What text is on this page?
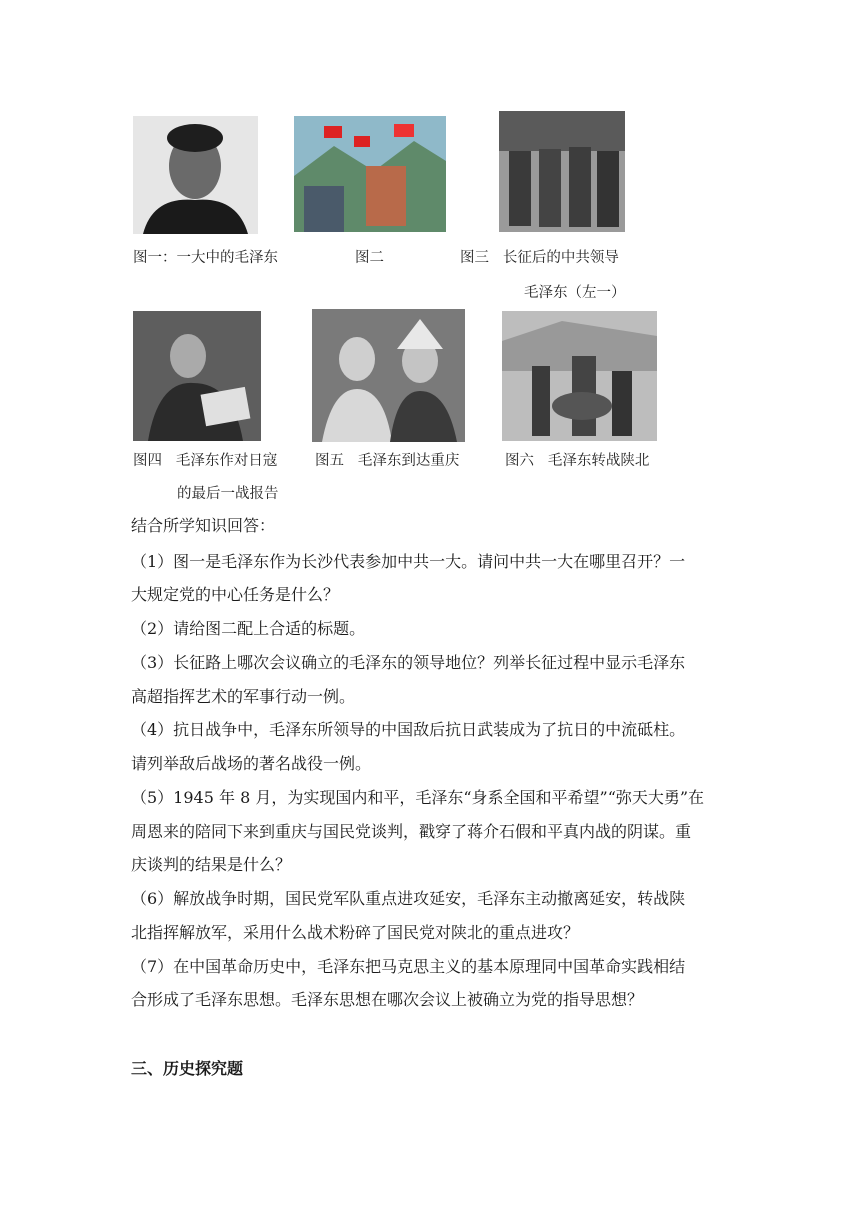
图一：一大中的毛泽东	图二	图三   长征后的中共领导
毛泽东（左一）
图四   毛泽东作对日寇
的最后一战报告
图五   毛泽东到达重庆	图六   毛泽东转战陕北
结合所学知识回答：
（1）图一是毛泽东作为长沙代表参加中共一大。请问中共一大在哪里召开？一
大规定党的中心任务是什么？
（2）请给图二配上合适的标题。
（3）长征路上哪次会议确立的毛泽东的领导地位？列举长征过程中显示毛泽东
高超指挥艺术的军事行动一例。
（4）抗日战争中，毛泽东所领导的中国敌后抗日武装成为了抗日的中流砥柱。
请列举敌后战场的著名战役一例。
（5）1945 年 8 月，为实现国内和平，毛泽东“身系全国和平希望”“弥天大勇”在
周恩来的陪同下来到重庆与国民党谈判，戳穿了蒋介石假和平真内战的阴谋。重
庆谈判的结果是什么？
（6）解放战争时期，国民党军队重点进攻延安，毛泽东主动撤离延安，转战陕
北指挥解放军，采用什么战术粉碎了国民党对陕北的重点进攻？
（7）在中国革命历史中，毛泽东把马克思主义的基本原理同中国革命实践相结
合形成了毛泽东思想。毛泽东思想在哪次会议上被确立为党的指导思想？
三、历史探究题
